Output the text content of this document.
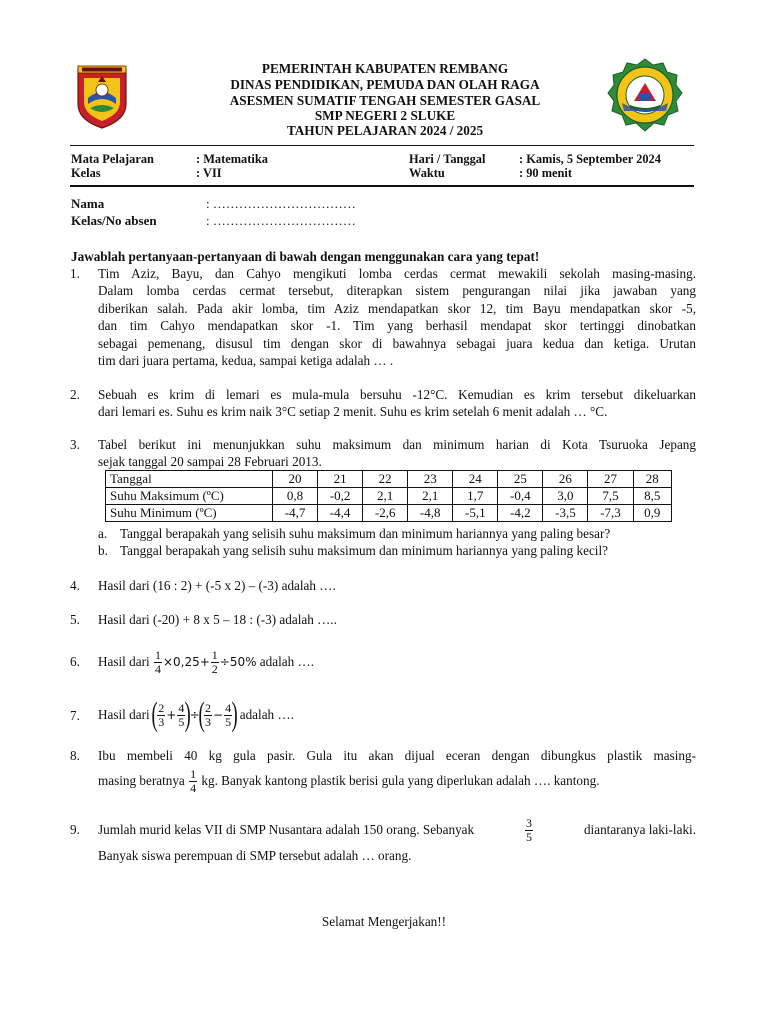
PEMERINTAH KABUPATEN REMBANG
DINAS PENDIDIKAN, PEMUDA DAN OLAH RAGA
ASESMEN SUMATIF TENGAH SEMESTER GASAL
SMP NEGERI 2 SLUKE
TAHUN PELAJARAN 2024 / 2025
Mata Pelajaran	: Matematika
Kelas	: VII
Hari / Tanggal	: Kamis, 5 September 2024
Waktu	: 90 menit
Nama	: ……………………………
Kelas/No absen	: ……………………………
Jawablah pertanyaan-pertanyaan di bawah dengan menggunakan cara yang tepat!
1. Tim Aziz, Bayu, dan Cahyo mengikuti lomba cerdas cermat mewakili sekolah masing-masing.
Dalam lomba cerdas cermat tersebut, diterapkan sistem pengurangan nilai jika jawaban yang
diberikan salah. Pada akir lomba, tim Aziz mendapatkan skor 12, tim Bayu mendapatkan skor -5,
dan tim Cahyo mendapatkan skor -1. Tim yang berhasil mendapat skor tertinggi dinobatkan
sebagai pemenang, disusul tim dengan skor di bawahnya sebagai juara kedua dan ketiga. Urutan
tim dari juara pertama, kedua, sampai ketiga adalah … .
2. Sebuah es krim di lemari es mula-mula bersuhu -12°C. Kemudian es krim tersebut dikeluarkan
dari lemari es. Suhu es krim naik 3°C setiap 2 menit. Suhu es krim setelah 6 menit adalah … °C.
3. Tabel berikut ini menunjukkan suhu maksimum dan minimum harian di Kota Tsuruoka Jepang
sejak tanggal 20 sampai 28 Februari 2013.
Tanggal	20	21	22	23	24	25	26	27	28
Suhu Maksimum (ºC)	0,8	-0,2	2,1	2,1	1,7	-0,4	3,0	7,5	8,5
Suhu Minimum (ºC)	-4,7	-4,4	-2,6	-4,8	-5,1	-4,2	-3,5	-7,3	0,9
a. Tanggal berapakah yang selisih suhu maksimum dan minimum hariannya yang paling besar?
b. Tanggal berapakah yang selisih suhu maksimum dan minimum hariannya yang paling kecil?
4. Hasil dari (16 : 2) + (-5 x 2) – (-3) adalah ….
5. Hasil dari (-20) + 8 x 5 – 18 : (-3) adalah …..
6. Hasil dari
$\frac{1}{4} \times 0,25+ \frac{1}{2} \div 50\%$
adalah ….
7. Hasil dari
( $\frac{2}{3} + \frac{4}{5}$ )
÷
( $\frac{2}{3} - \frac{4}{5}$ )
adalah ….
8. Ibu membeli 40 kg gula pasir. Gula itu akan dijual eceran dengan dibungkus plastik masing-
masing beratnya
$\frac{1}{4}$
kg. Banyak kantong plastik berisi gula yang diperlukan adalah …. kantong.
9. Jumlah murid kelas VII di SMP Nusantara adalah 150 orang. Sebanyak	$\frac{3}{5}$	diantaranya laki-laki.
Banyak siswa perempuan di SMP tersebut adalah … orang.
Selamat Mengerjakan!!
